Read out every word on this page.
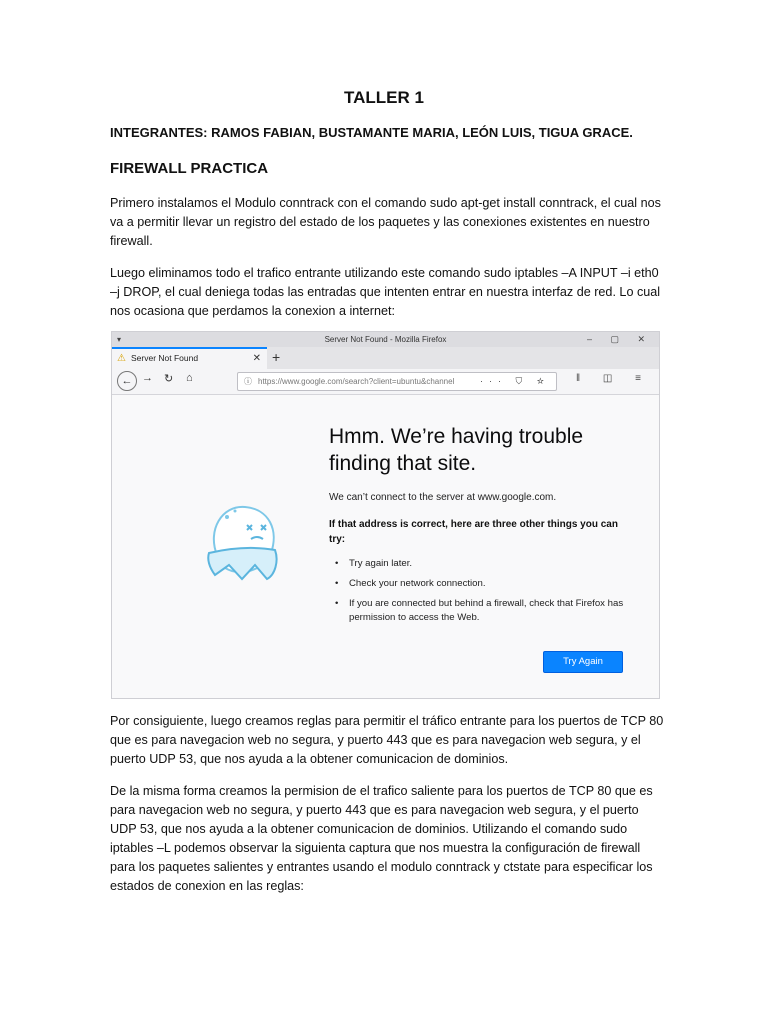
TALLER 1
INTEGRANTES: RAMOS FABIAN, BUSTAMANTE MARIA, LEÓN LUIS, TIGUA GRACE.
FIREWALL PRACTICA

Primero instalamos el Modulo conntrack con el comando sudo apt-get install conntrack, el cual nos va a permitir llevar un registro del estado de los paquetes y las conexiones existentes en nuestro firewall.

Luego eliminamos todo el trafico entrante utilizando este comando sudo iptables –A INPUT –i eth0 –j DROP, el cual deniega todas las entradas que intenten entrar en nuestra interfaz de red. Lo cual nos ocasiona que perdamos la conexion a internet:

▾	Server Not Found - Mozilla Firefox	– ▢ ✕
⚠ Server Not Found	✕ +
← → ↻ ⌂	ⓘ https://www.google.com/search?client=ubuntu&channel	··· ⛉ ☆	‖ ◫ ≡
Hmm. We’re having trouble finding that site.
We can’t connect to the server at www.google.com.
If that address is correct, here are three other things you can try:
• Try again later.
• Check your network connection.
• If you are connected but behind a firewall, check that Firefox has permission to access the Web.
Try Again

Por consiguiente, luego creamos reglas para permitir el tráfico entrante para los puertos de TCP 80 que es para navegacion web no segura, y puerto 443 que es para navegacion web segura, y el puerto UDP 53, que nos ayuda a la obtener comunicacion de dominios.

De la misma forma creamos la permision de el trafico saliente para los puertos de TCP 80 que es para navegacion web no segura, y puerto 443 que es para navegacion web segura, y el puerto UDP 53, que nos ayuda a la obtener comunicacion de dominios. Utilizando el comando sudo iptables –L podemos observar la siguienta captura que nos muestra la configuración de firewall para los paquetes salientes y entrantes usando el modulo conntrack y ctstate para especificar los estados de conexion en las reglas:
